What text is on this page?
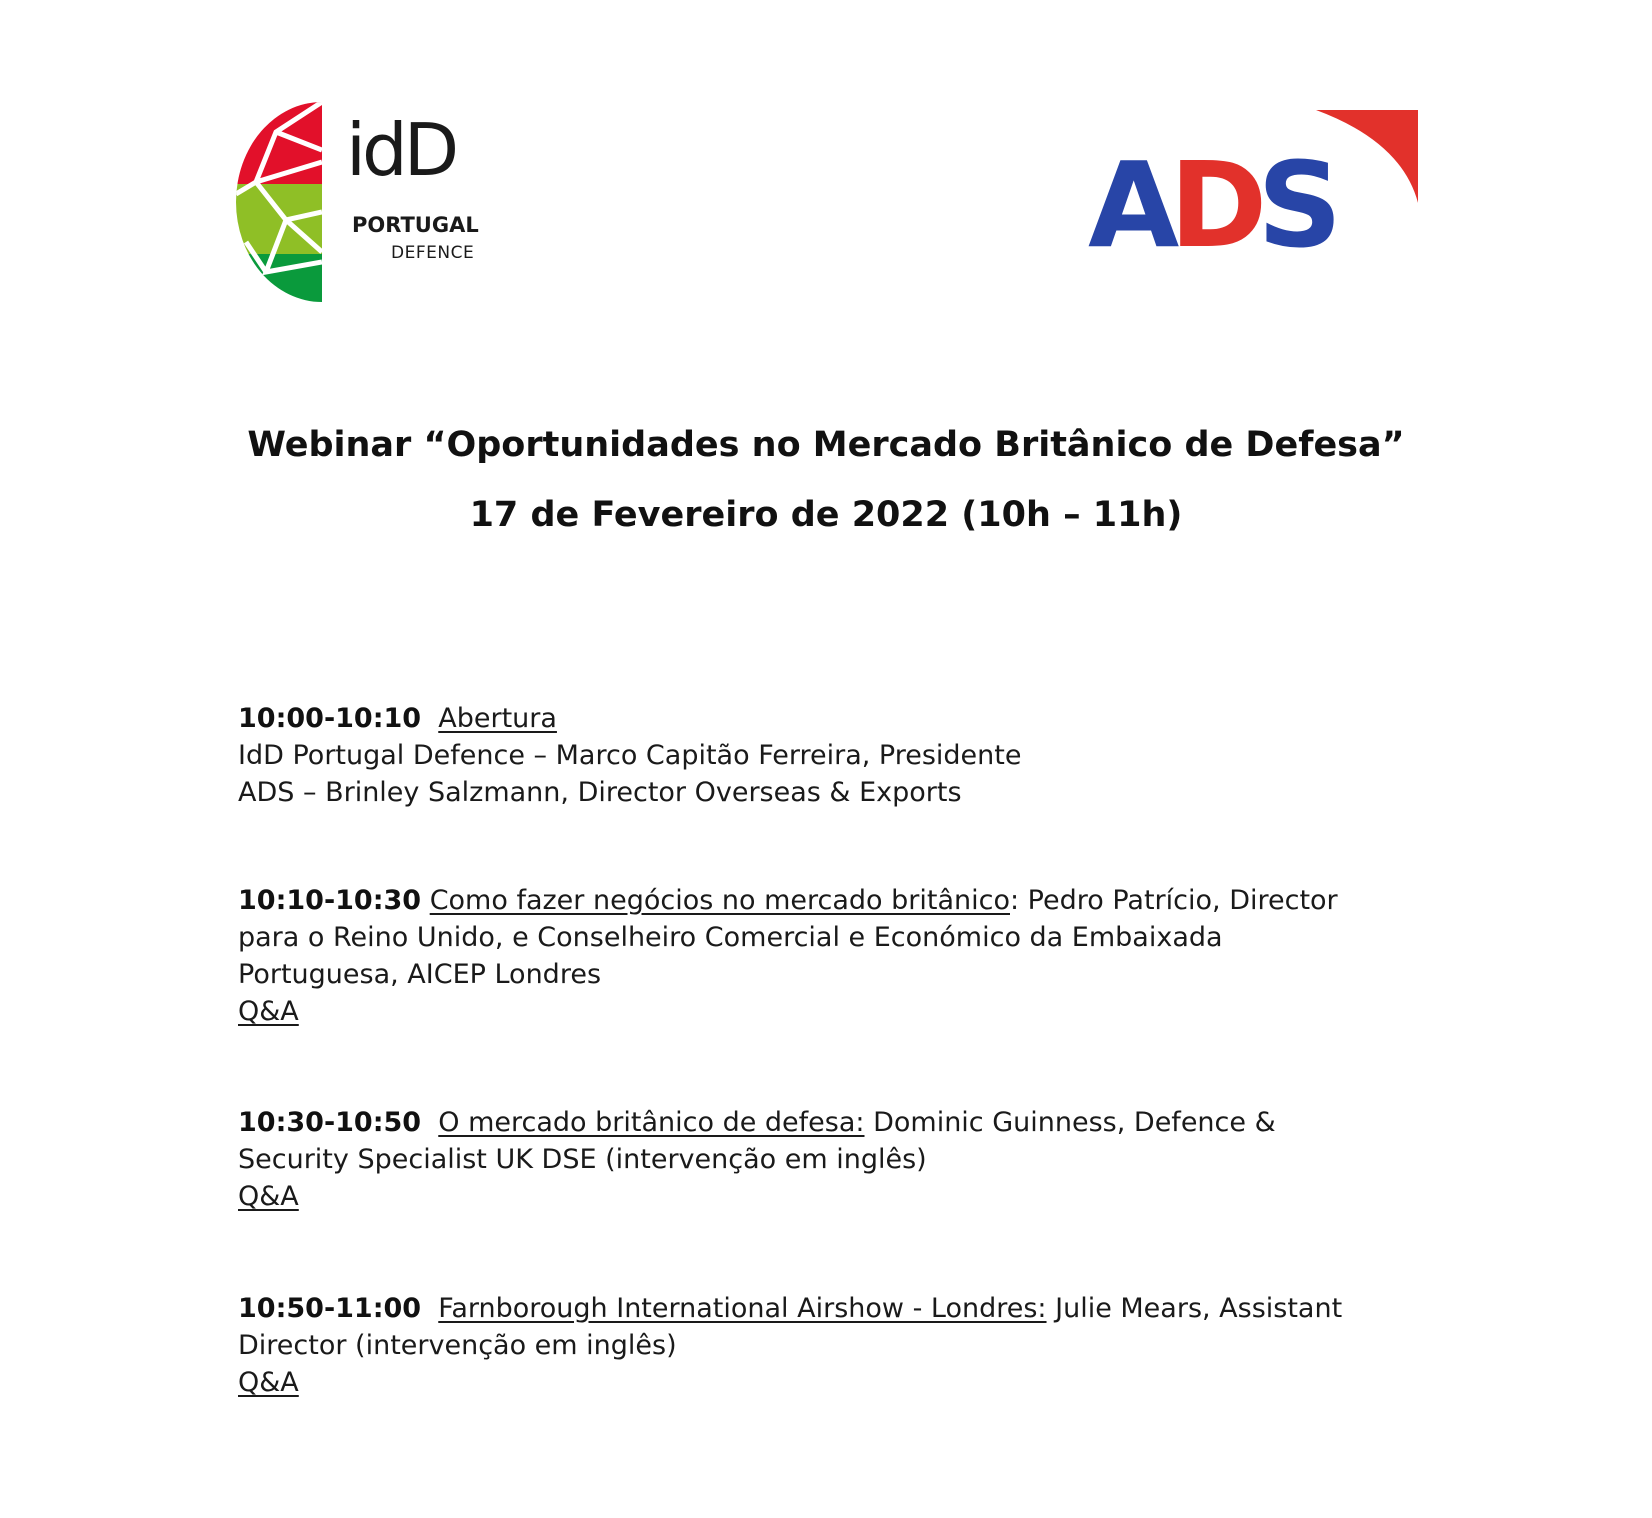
idD
PORTUGAL
DEFENCE	ADS

Webinar “Oportunidades no Mercado Britânico de Defesa”

17 de Fevereiro de 2022 (10h – 11h)

10:00-10:10 Abertura
IdD Portugal Defence – Marco Capitão Ferreira, Presidente
ADS – Brinley Salzmann, Director Overseas & Exports

10:10-10:30 Como fazer negócios no mercado britânico: Pedro Patrício, Director
para o Reino Unido, e Conselheiro Comercial e Económico da Embaixada
Portuguesa, AICEP Londres
Q&A

10:30-10:50 O mercado britânico de defesa: Dominic Guinness, Defence &
Security Specialist UK DSE (intervenção em inglês)
Q&A

10:50-11:00 Farnborough International Airshow - Londres: Julie Mears, Assistant
Director (intervenção em inglês)
Q&A
